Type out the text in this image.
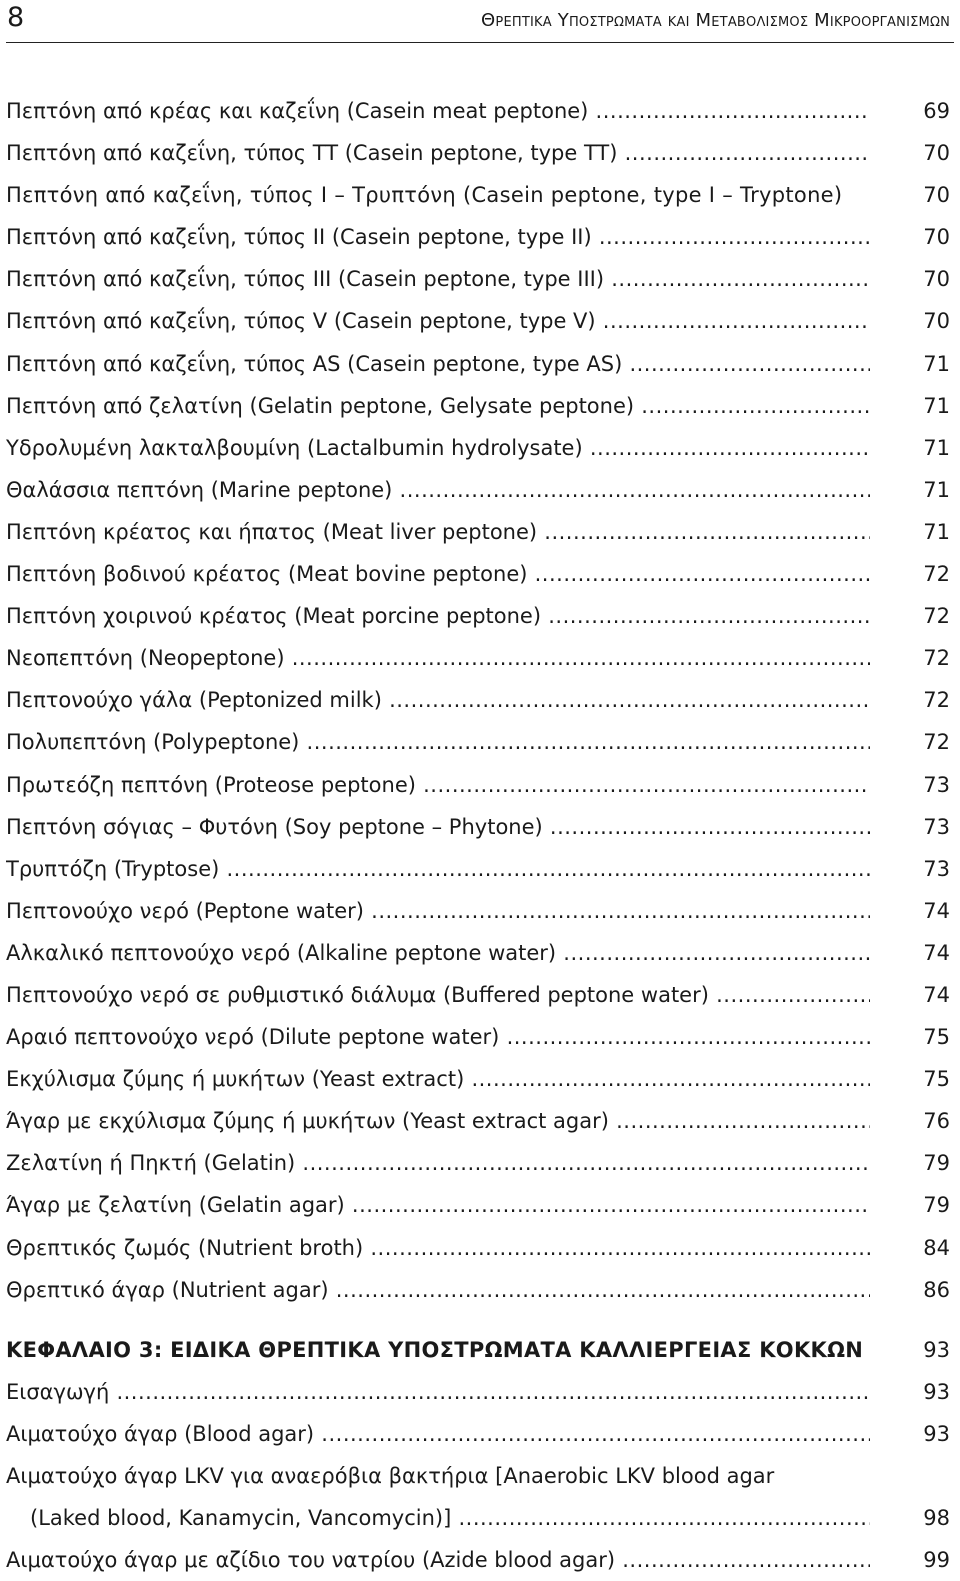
8	Θρεπτικα Υποστρωματα και Μεταβολισμος Μικροοργανισμων
Πεπτόνη από κρέας και καζεΐνη (Casein meat peptone) .....	69
Πεπτόνη από καζεΐνη, τύπος TT (Casein peptone, type TT) .....	70
Πεπτόνη από καζεΐνη, τύπος I – Τρυπτόνη (Casein peptone, type I – Tryptone)	70
Πεπτόνη από καζεΐνη, τύπος II (Casein peptone, type II) .....	70
Πεπτόνη από καζεΐνη, τύπος III (Casein peptone, type III) .....	70
Πεπτόνη από καζεΐνη, τύπος V (Casein peptone, type V) .....	70
Πεπτόνη από καζεΐνη, τύπος AS (Casein peptone, type AS) .....	71
Πεπτόνη από ζελατίνη (Gelatin peptone, Gelysate peptone) .....	71
Υδρολυμένη λακταλβουμίνη (Lactalbumin hydrolysate) .....	71
Θαλάσσια πεπτόνη (Marine peptone) .....	71
Πεπτόνη κρέατος και ήπατος (Meat liver peptone) .....	71
Πεπτόνη βοδινού κρέατος (Meat bovine peptone) .....	72
Πεπτόνη χοιρινού κρέατος (Meat porcine peptone) .....	72
Νεοπεπτόνη (Neopeptone) .....	72
Πεπτονούχο γάλα (Peptonized milk) .....	72
Πολυπεπτόνη (Polypeptone) .....	72
Πρωτεόζη πεπτόνη (Proteose peptone) .....	73
Πεπτόνη σόγιας – Φυτόνη (Soy peptone – Phytone) .....	73
Τρυπτόζη (Tryptose) .....	73
Πεπτονούχο νερό (Peptone water) .....	74
Αλκαλικό πεπτονούχο νερό (Alkaline peptone water) .....	74
Πεπτονούχο νερό σε ρυθμιστικό διάλυμα (Buffered peptone water) .....	74
Αραιό πεπτονούχο νερό (Dilute peptone water) .....	75
Εκχύλισμα ζύμης ή μυκήτων (Yeast extract) .....	75
Άγαρ με εκχύλισμα ζύμης ή μυκήτων (Yeast extract agar) .....	76
Ζελατίνη ή Πηκτή (Gelatin) .....	79
Άγαρ με ζελατίνη (Gelatin agar) .....	79
Θρεπτικός ζωμός (Nutrient broth) .....	84
Θρεπτικό άγαρ (Nutrient agar) .....	86
ΚΕΦΑΛΑΙΟ 3: ΕΙΔΙΚΑ ΘΡΕΠΤΙΚΑ ΥΠΟΣΤΡΩΜΑΤΑ ΚΑΛΛΙΕΡΓΕΙΑΣ ΚΟΚΚΩΝ	93
Εισαγωγή .....	93
Αιματούχο άγαρ (Blood agar) .....	93
Αιματούχο άγαρ LKV για αναερόβια βακτήρια [Anaerobic LKV blood agar
(Laked blood, Kanamycin, Vancomycin)] .....	98
Αιματούχο άγαρ με αζίδιο του νατρίου (Azide blood agar) .....	99
